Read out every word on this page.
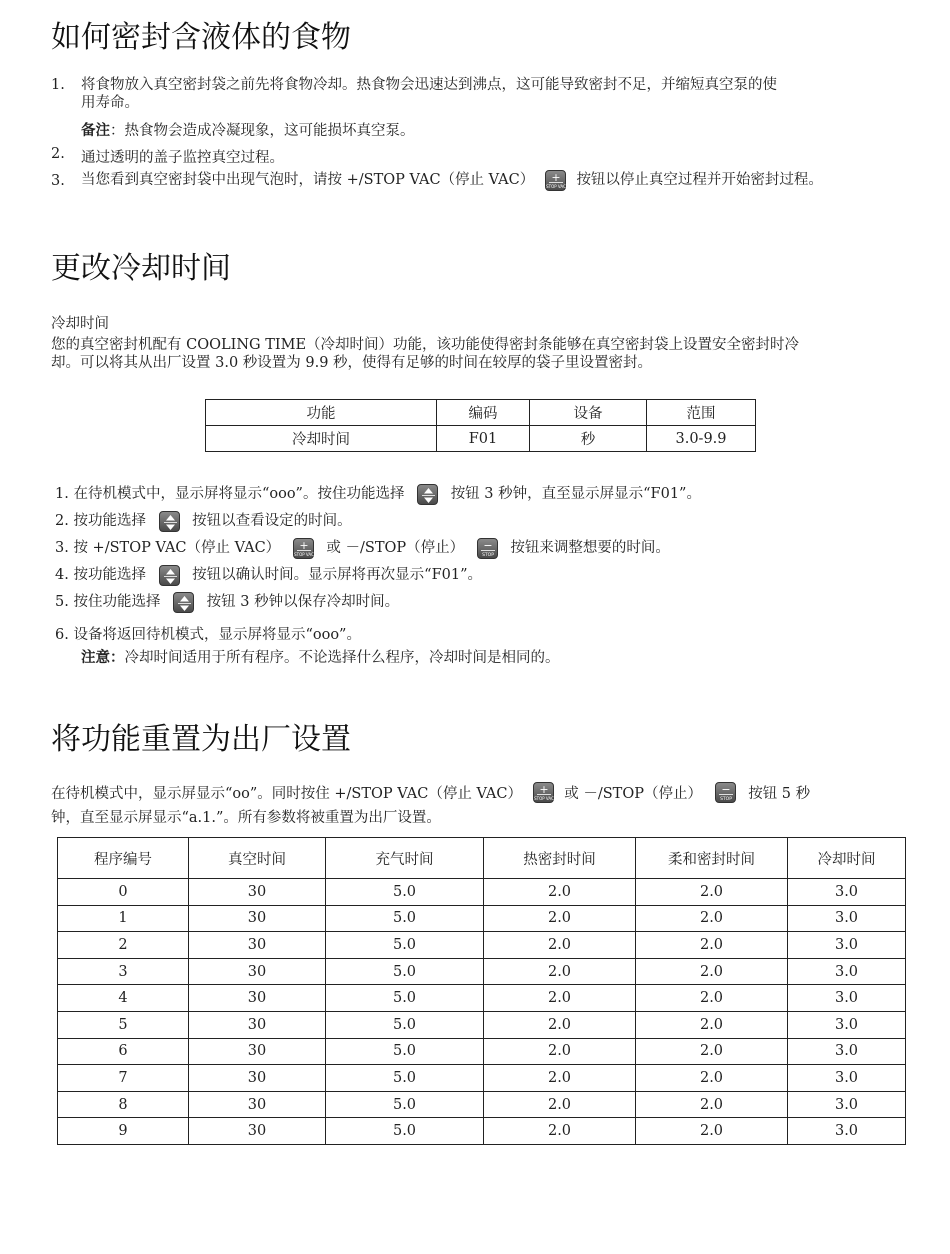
如何密封含液体的食物
1. 将食物放入真空密封袋之前先将食物冷却。热食物会迅速达到沸点，这可能导致密封不足，并缩短真空泵的使
用寿命。
备注：热食物会造成冷凝现象，这可能损坏真空泵。
2. 通过透明的盖子监控真空过程。
3. 当您看到真空密封袋中出现气泡时，请按 +/STOP VAC（停止 VAC） +
STOP VAC 按钮以停止真空过程并开始密封过程。
更改冷却时间
冷却时间
您的真空密封机配有 COOLING TIME（冷却时间）功能，该功能使得密封条能够在真空密封袋上设置安全密封时冷
却。可以将其从出厂设置 3.0 秒设置为 9.9 秒，使得有足够的时间在较厚的袋子里设置密封。
功能	编码	设备	范围
冷却时间	F01	秒	3.0-9.9
1. 在待机模式中，显示屏将显示“ooo”。按住功能选择	按钮 3 秒钟，直至显示屏显示“F01”。
2. 按功能选择	按钮以查看设定的时间。
3. 按 +/STOP VAC（停止 VAC） +
STOP VAC 或 －/STOP（停止） −
STOP 按钮来调整想要的时间。
4. 按功能选择	按钮以确认时间。显示屏将再次显示“F01”。
5. 按住功能选择	按钮 3 秒钟以保存冷却时间。
6. 设备将返回待机模式，显示屏将显示“ooo”。
注意：冷却时间适用于所有程序。不论选择什么程序，冷却时间是相同的。
将功能重置为出厂设置
在待机模式中，显示屏显示“oo”。同时按住 +/STOP VAC（停止 VAC） +
STOP VAC 或 －/STOP（停止） −
STOP 按钮 5 秒
钟，直至显示屏显示“a.1.”。所有参数将被重置为出厂设置。
程序编号	真空时间	充气时间	热密封时间	柔和密封时间	冷却时间
0	30	5.0	2.0	2.0	3.0
1	30	5.0	2.0	2.0	3.0
2	30	5.0	2.0	2.0	3.0
3	30	5.0	2.0	2.0	3.0
4	30	5.0	2.0	2.0	3.0
5	30	5.0	2.0	2.0	3.0
6	30	5.0	2.0	2.0	3.0
7	30	5.0	2.0	2.0	3.0
8	30	5.0	2.0	2.0	3.0
9	30	5.0	2.0	2.0	3.0
